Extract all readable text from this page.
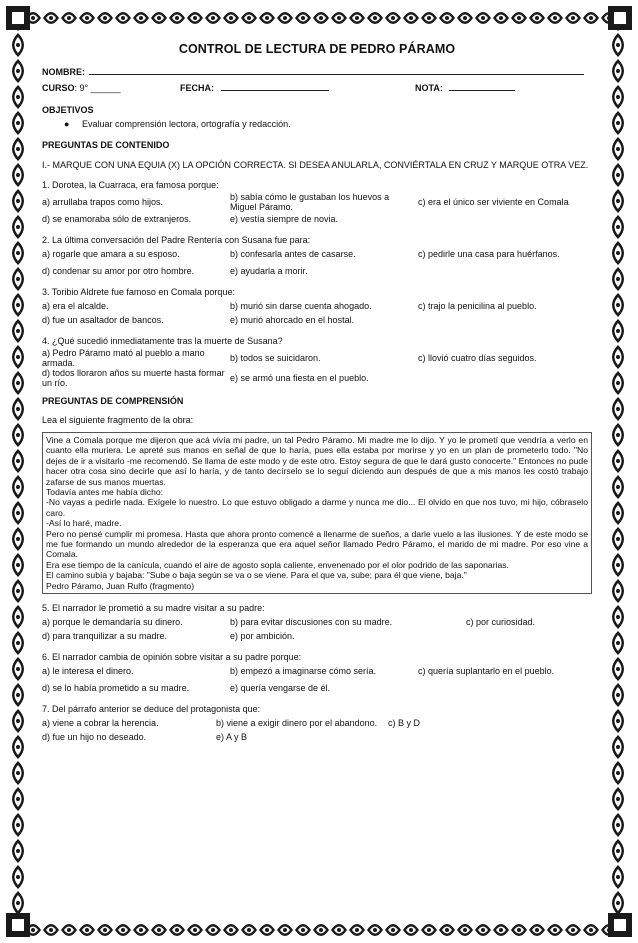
CONTROL DE LECTURA DE PEDRO PÁRAMO
NOMBRE:
CURSO: 9° ______	FECHA:	NOTA:
OBJETIVOS
●	Evaluar comprensión lectora, ortografía y redacción.
PREGUNTAS DE CONTENIDO
I.- MARQUE CON UNA EQUIA (X) LA OPCIÓN CORRECTA. SI DESEA ANULARLA, CONVIÉRTALA EN CRUZ Y MARQUE OTRA VEZ.
1. Dorotea, la Cuarraca, era famosa porque:
a) arrullaba trapos como hijos.	b) sabía cómo le gustaban los huevos a Miguel Páramo.
c) era el único ser viviente en Comala
d) se enamoraba sólo de extranjeros.	e) vestía siempre de novia.
2. La última conversación del Padre Rentería con Susana fue para:
a) rogarle que amara a su esposo.	b) confesarla antes de casarse.	c) pedirle una casa para huérfanos.
d) condenar su amor por otro hombre.	e) ayudarla a morir.
3. Toribio Aldrete fue famoso en Comala porque:
a) era el alcalde.	b) murió sin darse cuenta ahogado.	c) trajo la penicilina al pueblo.
d) fue un asaltador de bancos.	e) murió ahorcado en el hostal.
4. ¿Qué sucedió inmediatamente tras la muerte de Susana?
a) Pedro Páramo mató al pueblo a mano armada.
b) todos se suicidaron.	c) llovió cuatro días seguidos.
d) todos lloraron años su muerte hasta formar un río.
e) se armó una fiesta en el pueblo.
PREGUNTAS DE COMPRENSIÓN
Lea el siguiente fragmento de la obra:

Vine a Comala porque me dijeron que acá vivía mi padre, un tal Pedro Páramo. Mi madre me lo dijo. Y yo le prometí que vendría a verlo en cuanto ella muriera. Le apreté sus manos en señal de que lo haría, pues ella estaba por morirse y yo en un plan de prometerlo todo. "No dejes de ir a visitarlo -me recomendó. Se llama de este modo y de este otro. Estoy segura de que le dará gusto conocerte." Entonces no pude hacer otra cosa sino decirle que así lo haría, y de tanto decírselo se lo seguí diciendo aun después de que a mis manos les costó trabajo zafarse de sus manos muertas.

Todavía antes me había dicho:

-No vayas a pedirle nada. Exígele lo nuestro. Lo que estuvo obligado a darme y nunca me dio... El olvido en que nos tuvo, mi hijo, cóbraselo caro.

-Así lo haré, madre.

Pero no pensé cumplir mi promesa. Hasta que ahora pronto comencé a llenarme de sueños, a darle vuelo a las ilusiones. Y de este modo se me fue formando un mundo alrededor de la esperanza que era aquel señor llamado Pedro Páramo, el marido de mi madre. Por eso vine a Comala.

Era ese tiempo de la canícula, cuando el aire de agosto sopla caliente, envenenado por el olor podrido de las saponarias.

El camino subía y bajaba: "Sube o baja según se va o se viene. Para el que va, sube; para él que viene, baja."

Pedro Páramo, Juan Rulfo (fragmento)

5. El narrador le prometió a su madre visitar a su padre:
a) porque le demandaría su dinero.	b) para evitar discusiones con su madre.	c) por curiosidad.
d) para tranquilizar a su madre.	e) por ambición.
6. El narrador cambia de opinión sobre visitar a su padre porque:
a) le interesa el dinero.	b) empezó a imaginarse cómo sería.	c) quería suplantarlo en el pueblo.
d) se lo había prometido a su madre.	e) quería vengarse de él.
7. Del párrafo anterior se deduce del protagonista que:
a) viene a cobrar la herencia.	b) viene a exigir dinero por el abandono.	c) B y D
d) fue un hijo no deseado.	e) A y B
